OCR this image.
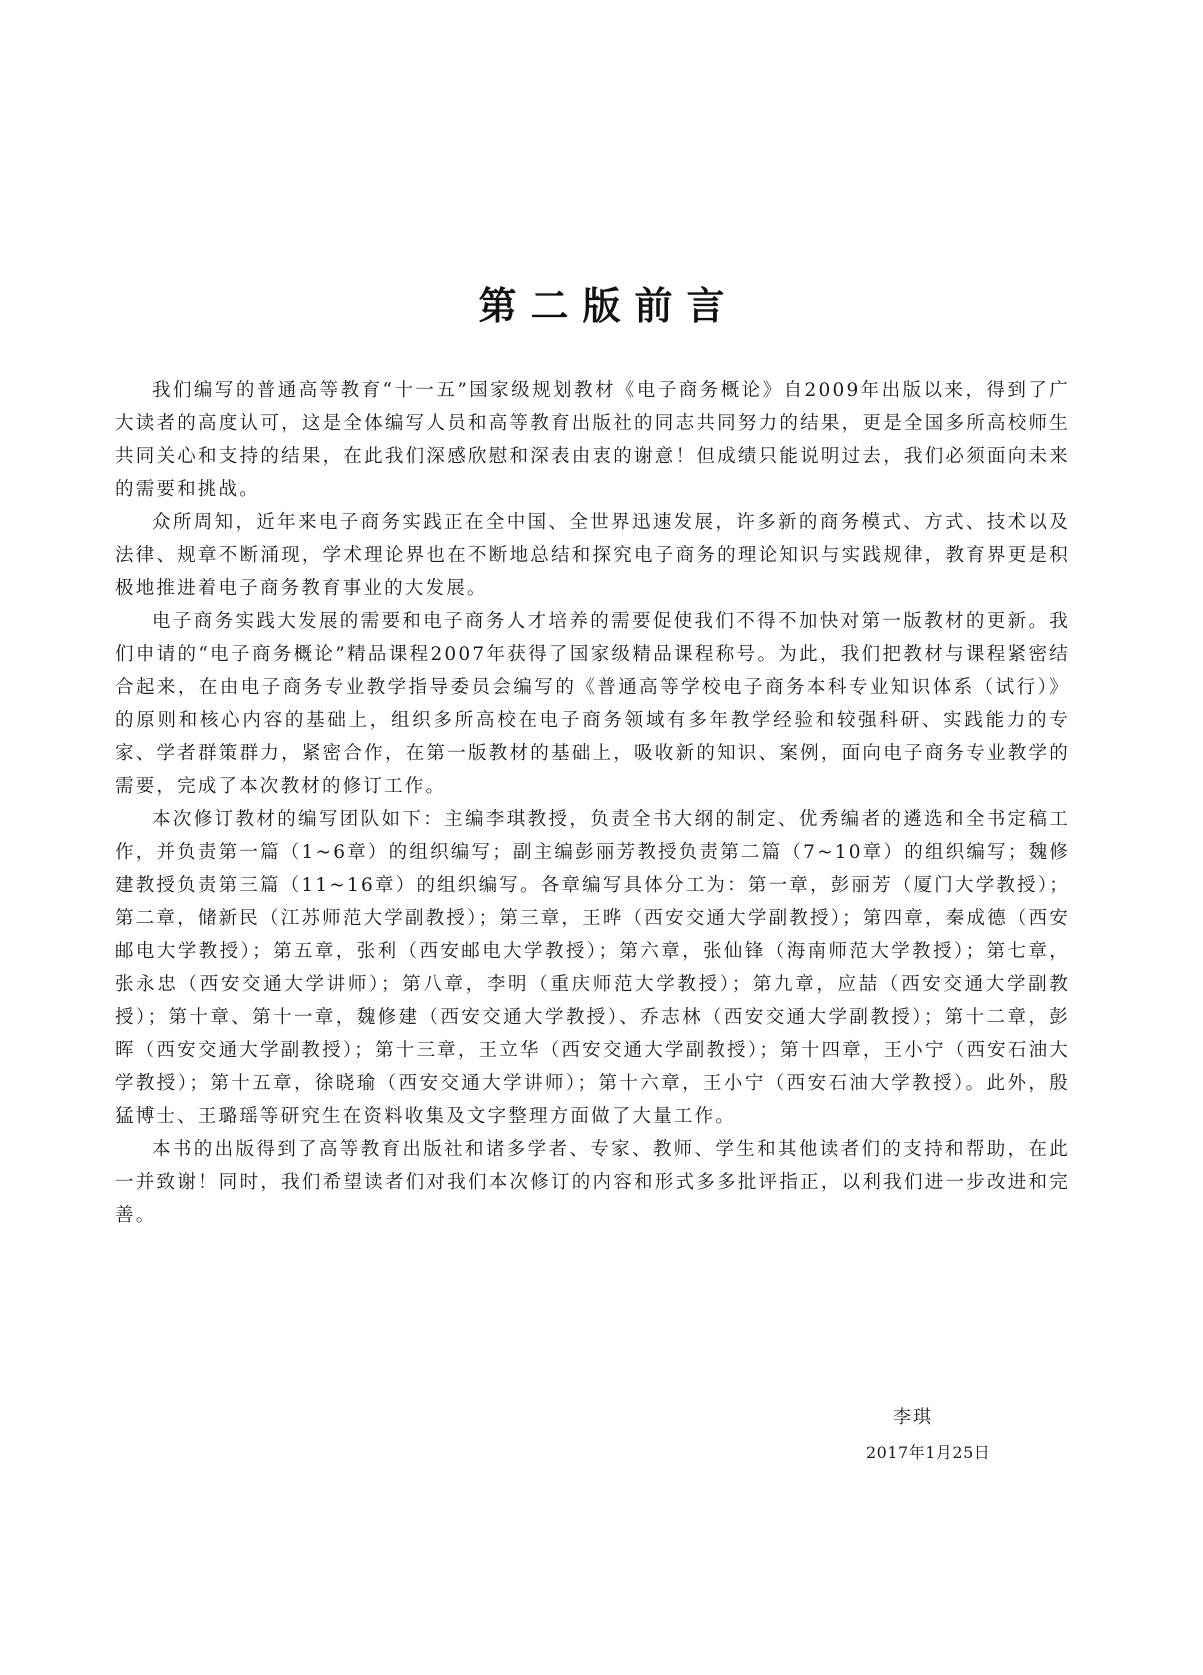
第二版前言

我们编写的普通高等教育“十一五”国家级规划教材《电子商务概论》自2009年出版以来，得到了广大读者的高度认可，这是全体编写人员和高等教育出版社的同志共同努力的结果，更是全国多所高校师生共同关心和支持的结果，在此我们深感欣慰和深表由衷的谢意！但成绩只能说明过去，我们必须面向未来的需要和挑战。

众所周知，近年来电子商务实践正在全中国、全世界迅速发展，许多新的商务模式、方式、技术以及法律、规章不断涌现，学术理论界也在不断地总结和探究电子商务的理论知识与实践规律，教育界更是积极地推进着电子商务教育事业的大发展。

电子商务实践大发展的需要和电子商务人才培养的需要促使我们不得不加快对第一版教材的更新。我们申请的“电子商务概论”精品课程2007年获得了国家级精品课程称号。为此，我们把教材与课程紧密结合起来，在由电子商务专业教学指导委员会编写的《普通高等学校电子商务本科专业知识体系（试行）》的原则和核心内容的基础上，组织多所高校在电子商务领域有多年教学经验和较强科研、实践能力的专家、学者群策群力，紧密合作，在第一版教材的基础上，吸收新的知识、案例，面向电子商务专业教学的需要，完成了本次教材的修订工作。

本次修订教材的编写团队如下：主编李琪教授，负责全书大纲的制定、优秀编者的遴选和全书定稿工作，并负责第一篇（1~6章）的组织编写；副主编彭丽芳教授负责第二篇（7~10章）的组织编写；魏修建教授负责第三篇（11~16章）的组织编写。各章编写具体分工为：第一章，彭丽芳（厦门大学教授）；第二章，储新民（江苏师范大学副教授）；第三章，王晔（西安交通大学副教授）；第四章，秦成德（西安邮电大学教授）；第五章，张利（西安邮电大学教授）；第六章，张仙锋（海南师范大学教授）；第七章，张永忠（西安交通大学讲师）；第八章，李明（重庆师范大学教授）；第九章，应喆（西安交通大学副教授）；第十章、第十一章，魏修建（西安交通大学教授）、乔志林（西安交通大学副教授）；第十二章，彭晖（西安交通大学副教授）；第十三章，王立华（西安交通大学副教授）；第十四章，王小宁（西安石油大学教授）；第十五章，徐晓瑜（西安交通大学讲师）；第十六章，王小宁（西安石油大学教授）。此外，殷猛博士、王璐瑶等研究生在资料收集及文字整理方面做了大量工作。

本书的出版得到了高等教育出版社和诸多学者、专家、教师、学生和其他读者们的支持和帮助，在此一并致谢！同时，我们希望读者们对我们本次修订的内容和形式多多批评指正，以利我们进一步改进和完善。

李琪
2017年1月25日
